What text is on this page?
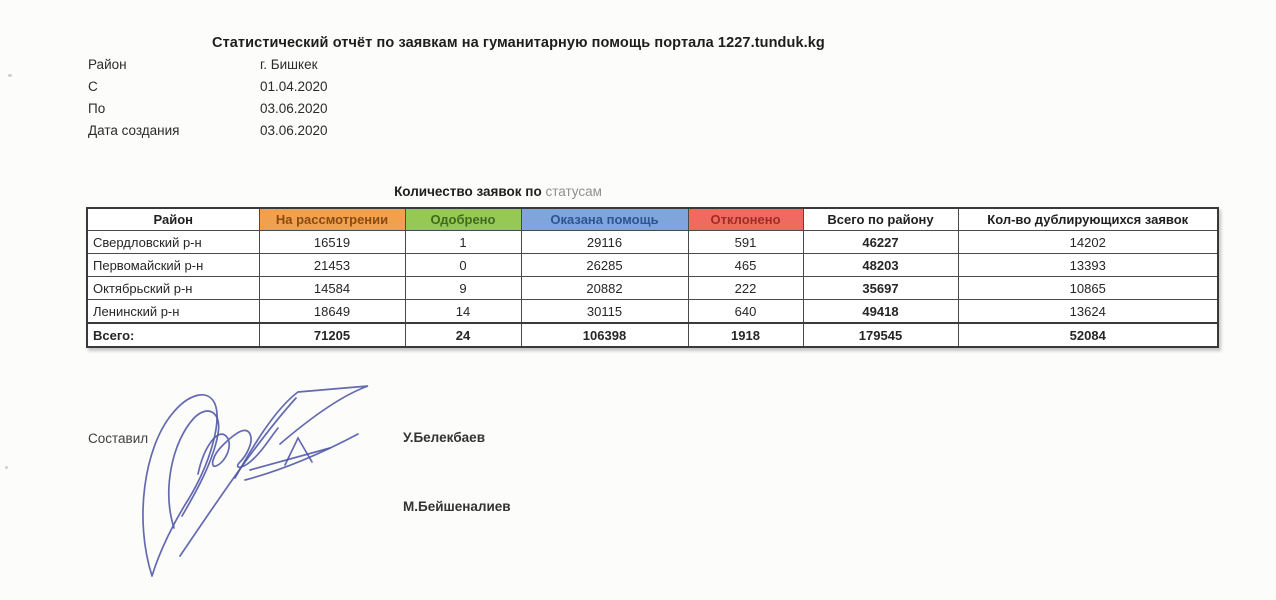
Статистический отчёт по заявкам на гуманитарную помощь портала 1227.tunduk.kg
Район	г. Бишкек
С	01.04.2020
По	03.06.2020
Дата создания	03.06.2020
Количество заявок по статусам
Район	На рассмотрении	Одобрено	Оказана помощь	Отклонено	Всего по району	Кол-во дублирующихся заявок
Свердловский р-н	16519	1	29116	591	46227	14202
Первомайский р-н	21453	0	26285	465	48203	13393
Октябрьский р-н	14584	9	20882	222	35697	10865
Ленинский р-н	18649	14	30115	640	49418	13624
Всего:	71205	24	106398	1918	179545	52084
Составил	У.Белекбаев
М.Бейшеналиев
